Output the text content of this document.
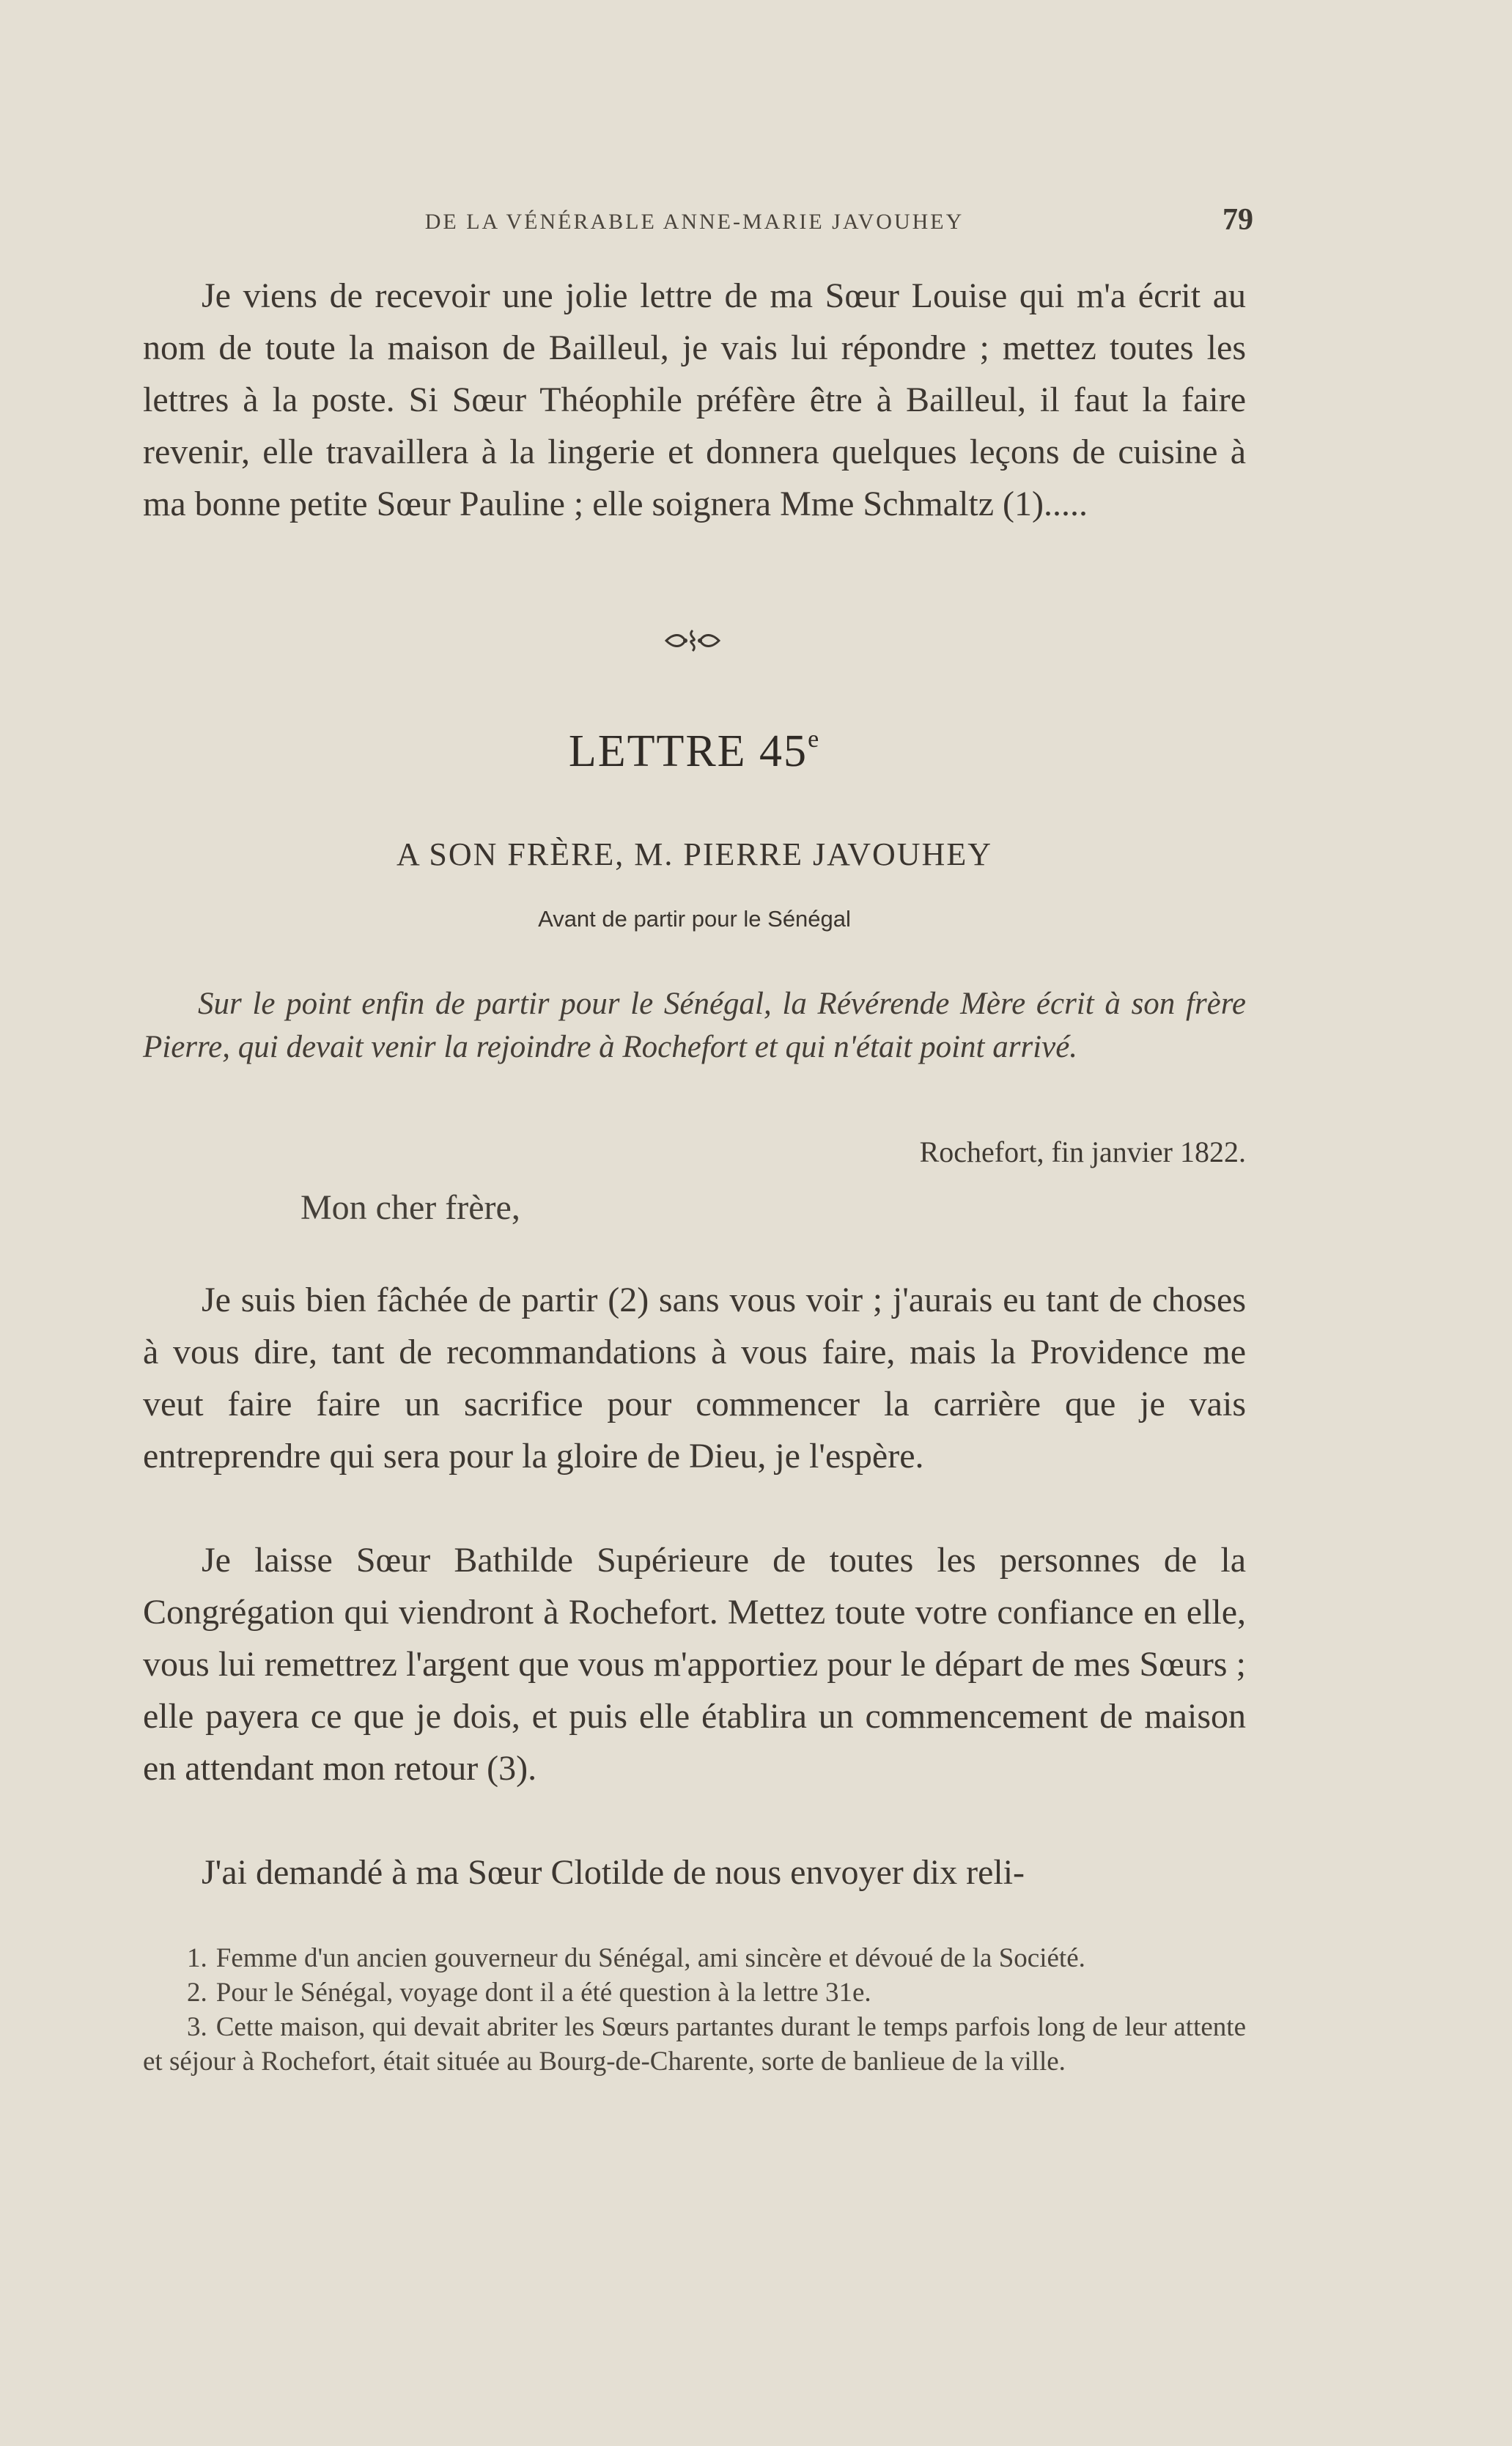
DE LA VÉNÉRABLE ANNE-MARIE JAVOUHEY	79

Je viens de recevoir une jolie lettre de ma Sœur Louise qui m'a écrit au nom de toute la maison de Bailleul, je vais lui répondre ; mettez toutes les lettres à la poste. Si Sœur Théophile préfère être à Bailleul, il faut la faire revenir, elle travaillera à la lingerie et donnera quelques leçons de cuisine à ma bonne petite Sœur Pauline ; elle soignera Mme Schmaltz (1).....

LETTRE 45e
A SON FRÈRE, M. PIERRE JAVOUHEY
Avant de partir pour le Sénégal

Sur le point enfin de partir pour le Sénégal, la Révérende Mère écrit à son frère Pierre, qui devait venir la rejoindre à Rochefort et qui n'était point arrivé.

Rochefort, fin janvier 1822.
Mon cher frère,

Je suis bien fâchée de partir (2) sans vous voir ; j'aurais eu tant de choses à vous dire, tant de recommandations à vous faire, mais la Providence me veut faire faire un sacrifice pour commencer la carrière que je vais entreprendre qui sera pour la gloire de Dieu, je l'espère.

Je laisse Sœur Bathilde Supérieure de toutes les personnes de la Congrégation qui viendront à Rochefort. Mettez toute votre confiance en elle, vous lui remettrez l'argent que vous m'apportiez pour le départ de mes Sœurs ; elle payera ce que je dois, et puis elle établira un commencement de maison en attendant mon retour (3).

J'ai demandé à ma Sœur Clotilde de nous envoyer dix reli-

1. Femme d'un ancien gouverneur du Sénégal, ami sincère et dévoué de la Société.

2. Pour le Sénégal, voyage dont il a été question à la lettre 31e.

3. Cette maison, qui devait abriter les Sœurs partantes durant le temps parfois long de leur attente et séjour à Rochefort, était située au Bourg-de-Charente, sorte de banlieue de la ville.
